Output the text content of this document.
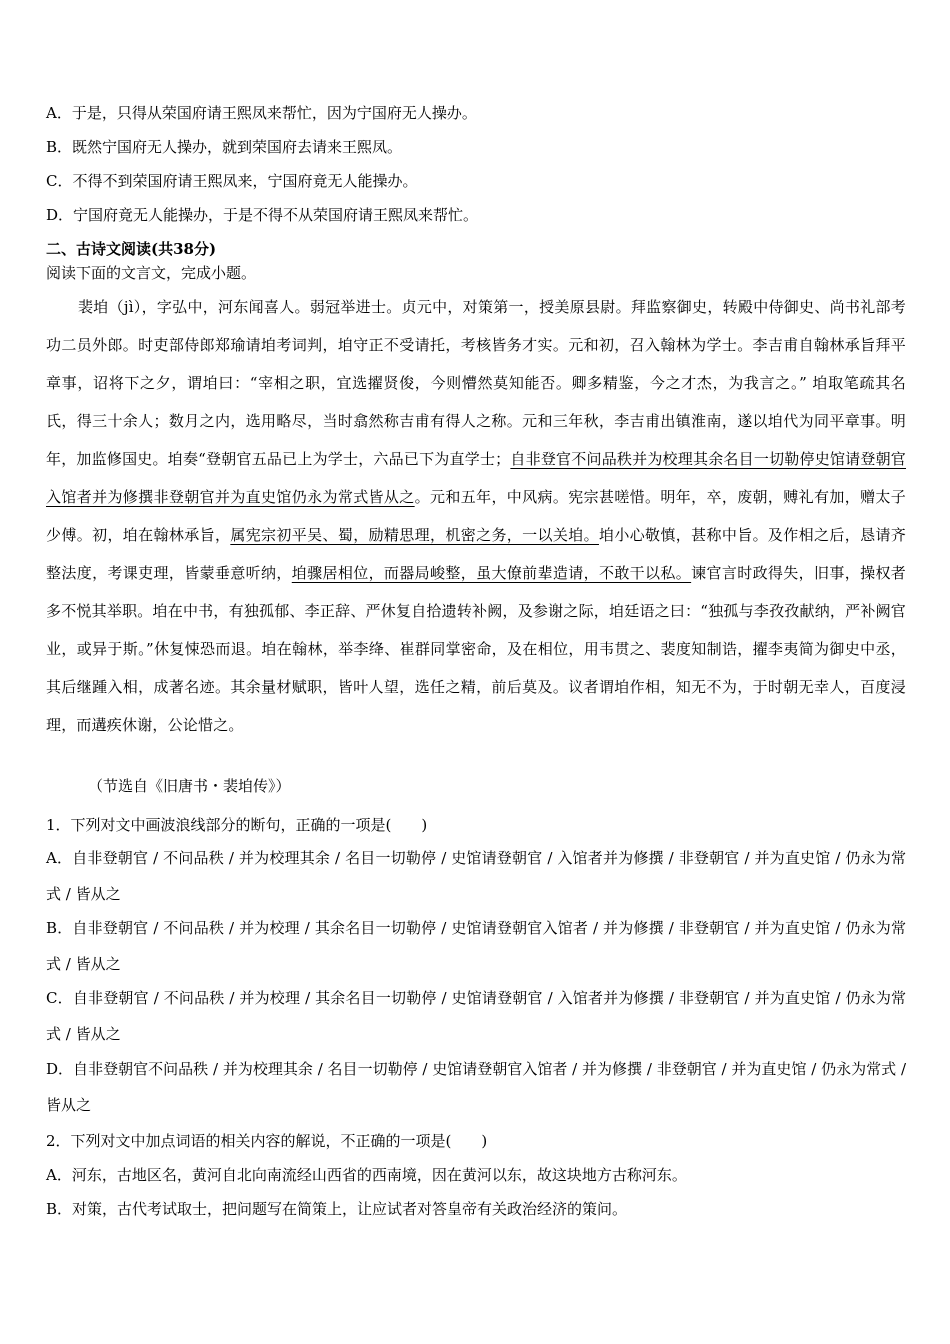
A．于是，只得从荣国府请王熙凤来帮忙，因为宁国府无人操办。
B．既然宁国府无人操办，就到荣国府去请来王熙凤。
C．不得不到荣国府请王熙凤来，宁国府竟无人能操办。
D．宁国府竟无人能操办，于是不得不从荣国府请王熙凤来帮忙。
二、古诗文阅读(共38分)
阅读下面的文言文，完成小题。

裴垍（jì），字弘中，河东闻喜人。弱冠举进士。贞元中，对策第一，授美原县尉。拜监察御史，转殿中侍御史、尚书礼部考功二员外郎。时吏部侍郎郑瑜请垍考词判，垍守正不受请托，考核皆务才实。元和初，召入翰林为学士。李吉甫自翰林承旨拜平章事，诏将下之夕，谓垍曰：“宰相之职，宜选擢贤俊，今则懵然莫知能否。卿多精鉴，今之才杰，为我言之。” 垍取笔疏其名氏，得三十余人；数月之内，选用略尽，当时翕然称吉甫有得人之称。元和三年秋，李吉甫出镇淮南，遂以垍代为同平章事。明年，加监修国史。垍奏“登朝官五品已上为学士，六品已下为直学士；自非登官不问品秩并为校理其余名目一切勒停史馆请登朝官入馆者并为修撰非登朝官并为直史馆仍永为常式皆从之。元和五年，中风病。宪宗甚嗟惜。明年，卒，废朝，赙礼有加，赠太子少傅。初，垍在翰林承旨，属宪宗初平吴、蜀，励精思理，机密之务，一以关垍。垍小心敬慎，甚称中旨。及作相之后，恳请齐整法度，考课吏理，皆蒙垂意听纳，垍骤居相位，而器局峻整，虽大僚前辈造请，不敢干以私。谏官言时政得失，旧事，操权者多不悦其举职。垍在中书，有独孤郁、李正辞、严休复自拾遗转补阙，及参谢之际，垍廷语之曰：“独孤与李孜孜献纳，严补阙官业，或异于斯。”休复悚恐而退。垍在翰林，举李绛、崔群同掌密命，及在相位，用韦贯之、裴度知制诰，擢李夷简为御史中丞，其后继踵入相，成著名迹。其余量材赋职，皆叶人望，选任之精，前后莫及。议者谓垍作相，知无不为，于时朝无幸人，百度浸理，而遘疾休谢，公论惜之。

（节选自《旧唐书・裴垍传》）
1．下列对文中画波浪线部分的断句，正确的一项是(　　)
A．自非登朝官 / 不问品秩 / 并为校理其余 / 名目一切勒停 / 史馆请登朝官 / 入馆者并为修撰 / 非登朝官 / 并为直史馆 / 仍永为常式 / 皆从之
B．自非登朝官 / 不问品秩 / 并为校理 / 其余名目一切勒停 / 史馆请登朝官入馆者 / 并为修撰 / 非登朝官 / 并为直史馆 / 仍永为常式 / 皆从之
C．自非登朝官 / 不问品秩 / 并为校理 / 其余名目一切勒停 / 史馆请登朝官 / 入馆者并为修撰 / 非登朝官 / 并为直史馆 / 仍永为常式 / 皆从之
D．自非登朝官不问品秩 / 并为校理其余 / 名目一切勒停 / 史馆请登朝官入馆者 / 并为修撰 / 非登朝官 / 并为直史馆 / 仍永为常式 / 皆从之
2．下列对文中加点词语的相关内容的解说，不正确的一项是(　　)
A．河东，古地区名，黄河自北向南流经山西省的西南境，因在黄河以东，故这块地方古称河东。
B．对策，古代考试取士，把问题写在简策上，让应试者对答皇帝有关政治经济的策问。
